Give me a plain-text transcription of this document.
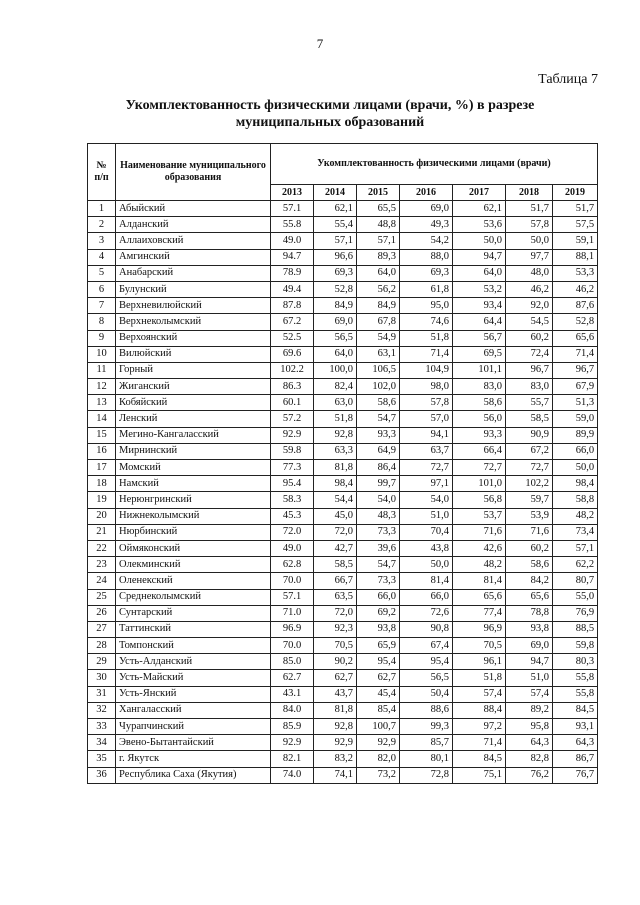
7
Таблица 7
Укомплектованность физическими лицами (врачи, %) в разрезе
муниципальных образований
№ п/п	Наименование муниципального образования	Укомплектованность физическими лицами (врачи)						
		2013	2014	2015	2016	2017	2018	2019
1	Абыйский	57.1	62,1	65,5	69,0	62,1	51,7	51,7
2	Алданский	55.8	55,4	48,8	49,3	53,6	57,8	57,5
3	Аллаиховский	49.0	57,1	57,1	54,2	50,0	50,0	59,1
4	Амгинский	94.7	96,6	89,3	88,0	94,7	97,7	88,1
5	Анабарский	78.9	69,3	64,0	69,3	64,0	48,0	53,3
6	Булунский	49.4	52,8	56,2	61,8	53,2	46,2	46,2
7	Верхневилюйский	87.8	84,9	84,9	95,0	93,4	92,0	87,6
8	Верхнеколымский	67.2	69,0	67,8	74,6	64,4	54,5	52,8
9	Верхоянский	52.5	56,5	54,9	51,8	56,7	60,2	65,6
10	Вилюйский	69.6	64,0	63,1	71,4	69,5	72,4	71,4
11	Горный	102.2	100,0	106,5	104,9	101,1	96,7	96,7
12	Жиганский	86.3	82,4	102,0	98,0	83,0	83,0	67,9
13	Кобяйский	60.1	63,0	58,6	57,8	58,6	55,7	51,3
14	Ленский	57.2	51,8	54,7	57,0	56,0	58,5	59,0
15	Мегино-Кангаласский	92.9	92,8	93,3	94,1	93,3	90,9	89,9
16	Мирнинский	59.8	63,3	64,9	63,7	66,4	67,2	66,0
17	Момский	77.3	81,8	86,4	72,7	72,7	72,7	50,0
18	Намский	95.4	98,4	99,7	97,1	101,0	102,2	98,4
19	Нерюнгринский	58.3	54,4	54,0	54,0	56,8	59,7	58,8
20	Нижнеколымский	45.3	45,0	48,3	51,0	53,7	53,9	48,2
21	Нюрбинский	72.0	72,0	73,3	70,4	71,6	71,6	73,4
22	Оймяконский	49.0	42,7	39,6	43,8	42,6	60,2	57,1
23	Олекминский	62.8	58,5	54,7	50,0	48,2	58,6	62,2
24	Оленекский	70.0	66,7	73,3	81,4	81,4	84,2	80,7
25	Среднеколымский	57.1	63,5	66,0	66,0	65,6	65,6	55,0
26	Сунтарский	71.0	72,0	69,2	72,6	77,4	78,8	76,9
27	Таттинский	96.9	92,3	93,8	90,8	96,9	93,8	88,5
28	Томпонский	70.0	70,5	65,9	67,4	70,5	69,0	59,8
29	Усть-Алданский	85.0	90,2	95,4	95,4	96,1	94,7	80,3
30	Усть-Майский	62.7	62,7	62,7	56,5	51,8	51,0	55,8
31	Усть-Янский	43.1	43,7	45,4	50,4	57,4	57,4	55,8
32	Хангаласский	84.0	81,8	85,4	88,6	88,4	89,2	84,5
33	Чурапчинский	85.9	92,8	100,7	99,3	97,2	95,8	93,1
34	Эвено-Бытантайский	92.9	92,9	92,9	85,7	71,4	64,3	64,3
35	г. Якутск	82.1	83,2	82,0	80,1	84,5	82,8	86,7
36	Республика Саха (Якутия)	74.0	74,1	73,2	72,8	75,1	76,2	76,7
